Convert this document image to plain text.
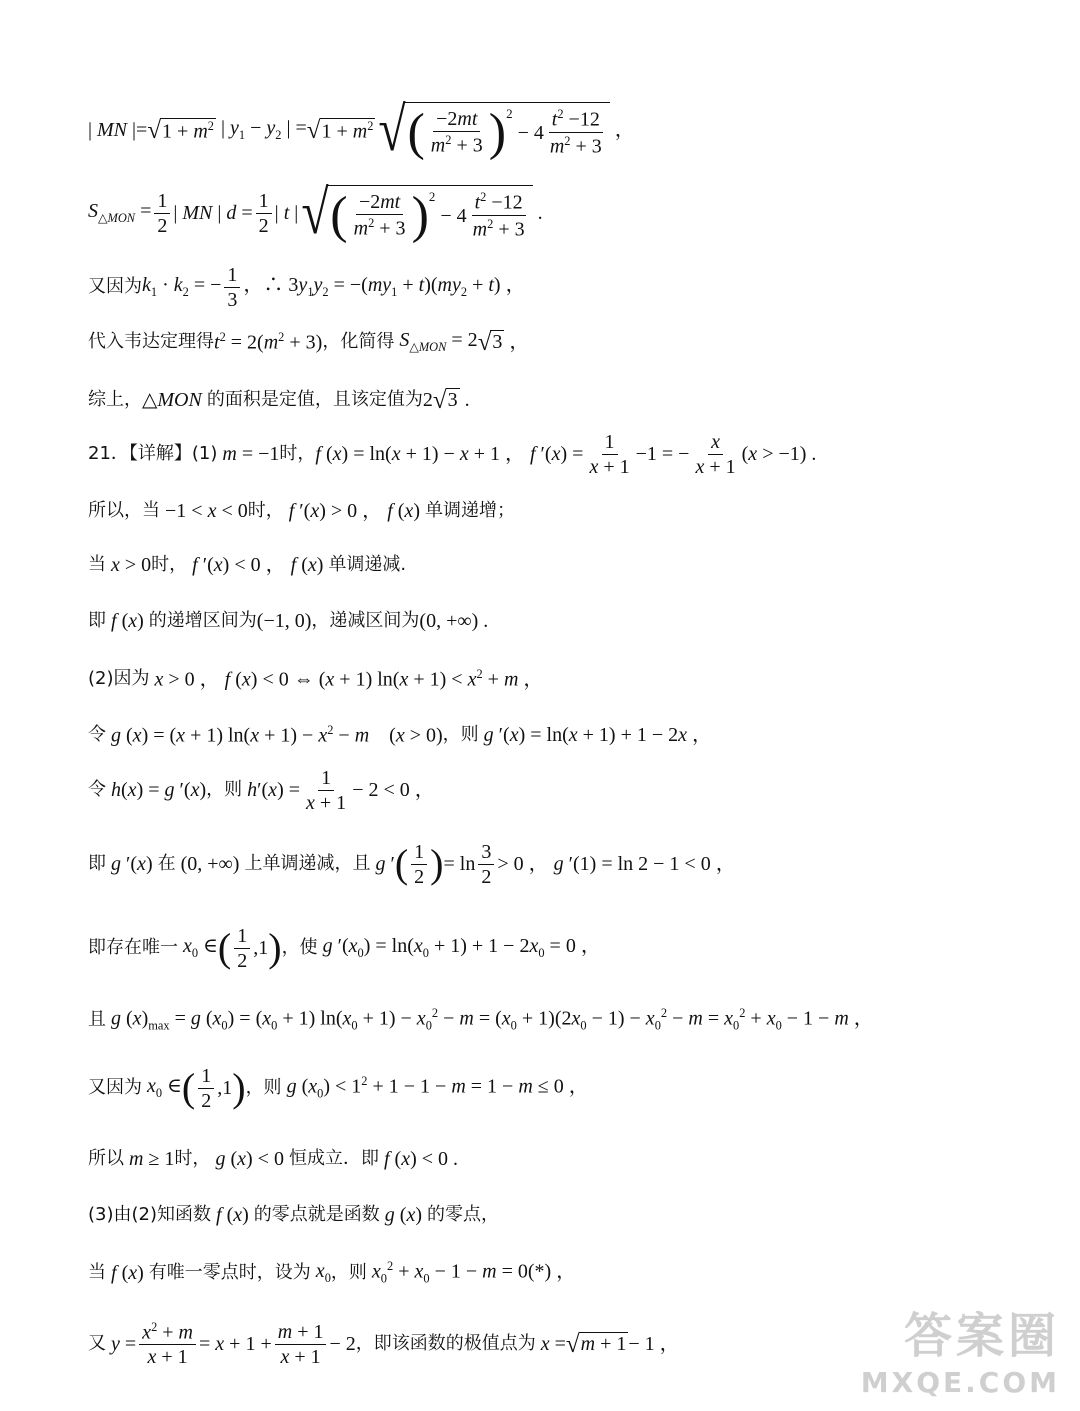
| MN |= √ $1 + m^2$ | $y_1 - y_2$ | = √ $1 + m^2$ √ ( $\frac{-2mt}{m^2 + 3} )^2$
− $4 \frac{t^2 -12}{m^2 + 3}$ ，
$S_{\triangle MON} = \frac{1}{2}$ | MN | $d = \frac{1}{2}$ | t | √ ( $\frac{-2mt}{m^2 + 3} )^2$
− $4 \frac{t^2 -12}{m^2 + 3}$ .
又因为 $k_1 \cdot k_2$ = − $\frac{1}{3}$ ，∴ $3y_1y_2 = -(my_1 + t)(my_2 + t)$ ，
代入韦达定理得 $t^2 = 2(m^2 + 3)$ ，化简得 $S_{\triangle MON} = 2$ √ 3 ，
综上， △MON 的面积是定值，且该定值为 2 √ 3 .
21．【详解】(1) m = −1 时， f (x) = ln(x + 1) − x + 1 ， f $'(x) = \frac{1}{x + 1} -1$ = − $\frac{x}{x + 1} (x > -1)$ .
所以，当 −1 < x < 0 时， f ′(x) > 0 ， f (x) 单调递增；
当 x > 0 时， f ′(x) < 0 ， f (x) 单调递减.
即 f (x) 的递增区间为 (−1, 0) ，递减区间为 (0, +∞) .
(2)因为 x > 0 ， f (x) < 0 ⇔ (x + 1) $\ln(x + 1) < x^2 + m$ ，
令 g (x) = (x + 1) $\ln(x + 1) - x^2 - m$    (x > 0) ，则 g ′(x) = ln(x + 1) + 1 − 2x ，
令 h(x) = g ′(x) ，则 $h'(x) = \frac{1}{x + 1} - 2 < 0$ ，
即 g ′(x) 在 (0, +∞) 上单调递减，且 g ′ ( $\frac{1}{2}$ ) = $\ln \frac{3}{2} > 0$ ， g ′(1) = ln 2 − 1 < 0 ，
即存在唯一 $x_0$ ∈ ( $\frac{1}{2} ,1$ ) ，使 g $'(x_0) = \ln(x_0 + 1) + 1 - 2x_0 = 0$ ，
且 g $(x)_{max} = g$ $(x_0) = (x_0 + 1) \ln(x_0 + 1) - x_0^2 - m = (x_0 + 1)(2x_0 - 1) - x_0^2 - m = x_0^2 + x_0 - 1 - m$ ，
又因为 $x_0$ ∈ ( $\frac{1}{2} ,1$ ) ，则 g $(x_0) < 1^2 + 1 - 1 - m = 1 - m \le 0$ ，
所以 m ≥ 1 时， g (x) < 0 恒成立．即 f (x) < 0 .
(3)由(2)知函数 f (x) 的零点就是函数 g (x) 的零点，
当 f (x) 有唯一零点时，设为 $x_0$ ，则 $x_0^2 + x_0 - 1 - m = 0(*)$ ，
又 $y = \frac{x^2 + m}{x + 1} = x + 1 + \frac{m + 1}{x + 1} - 2$ ，即该函数的极值点为 x = √ m + 1 − 1 ，	答案圈
MXQE.COM
